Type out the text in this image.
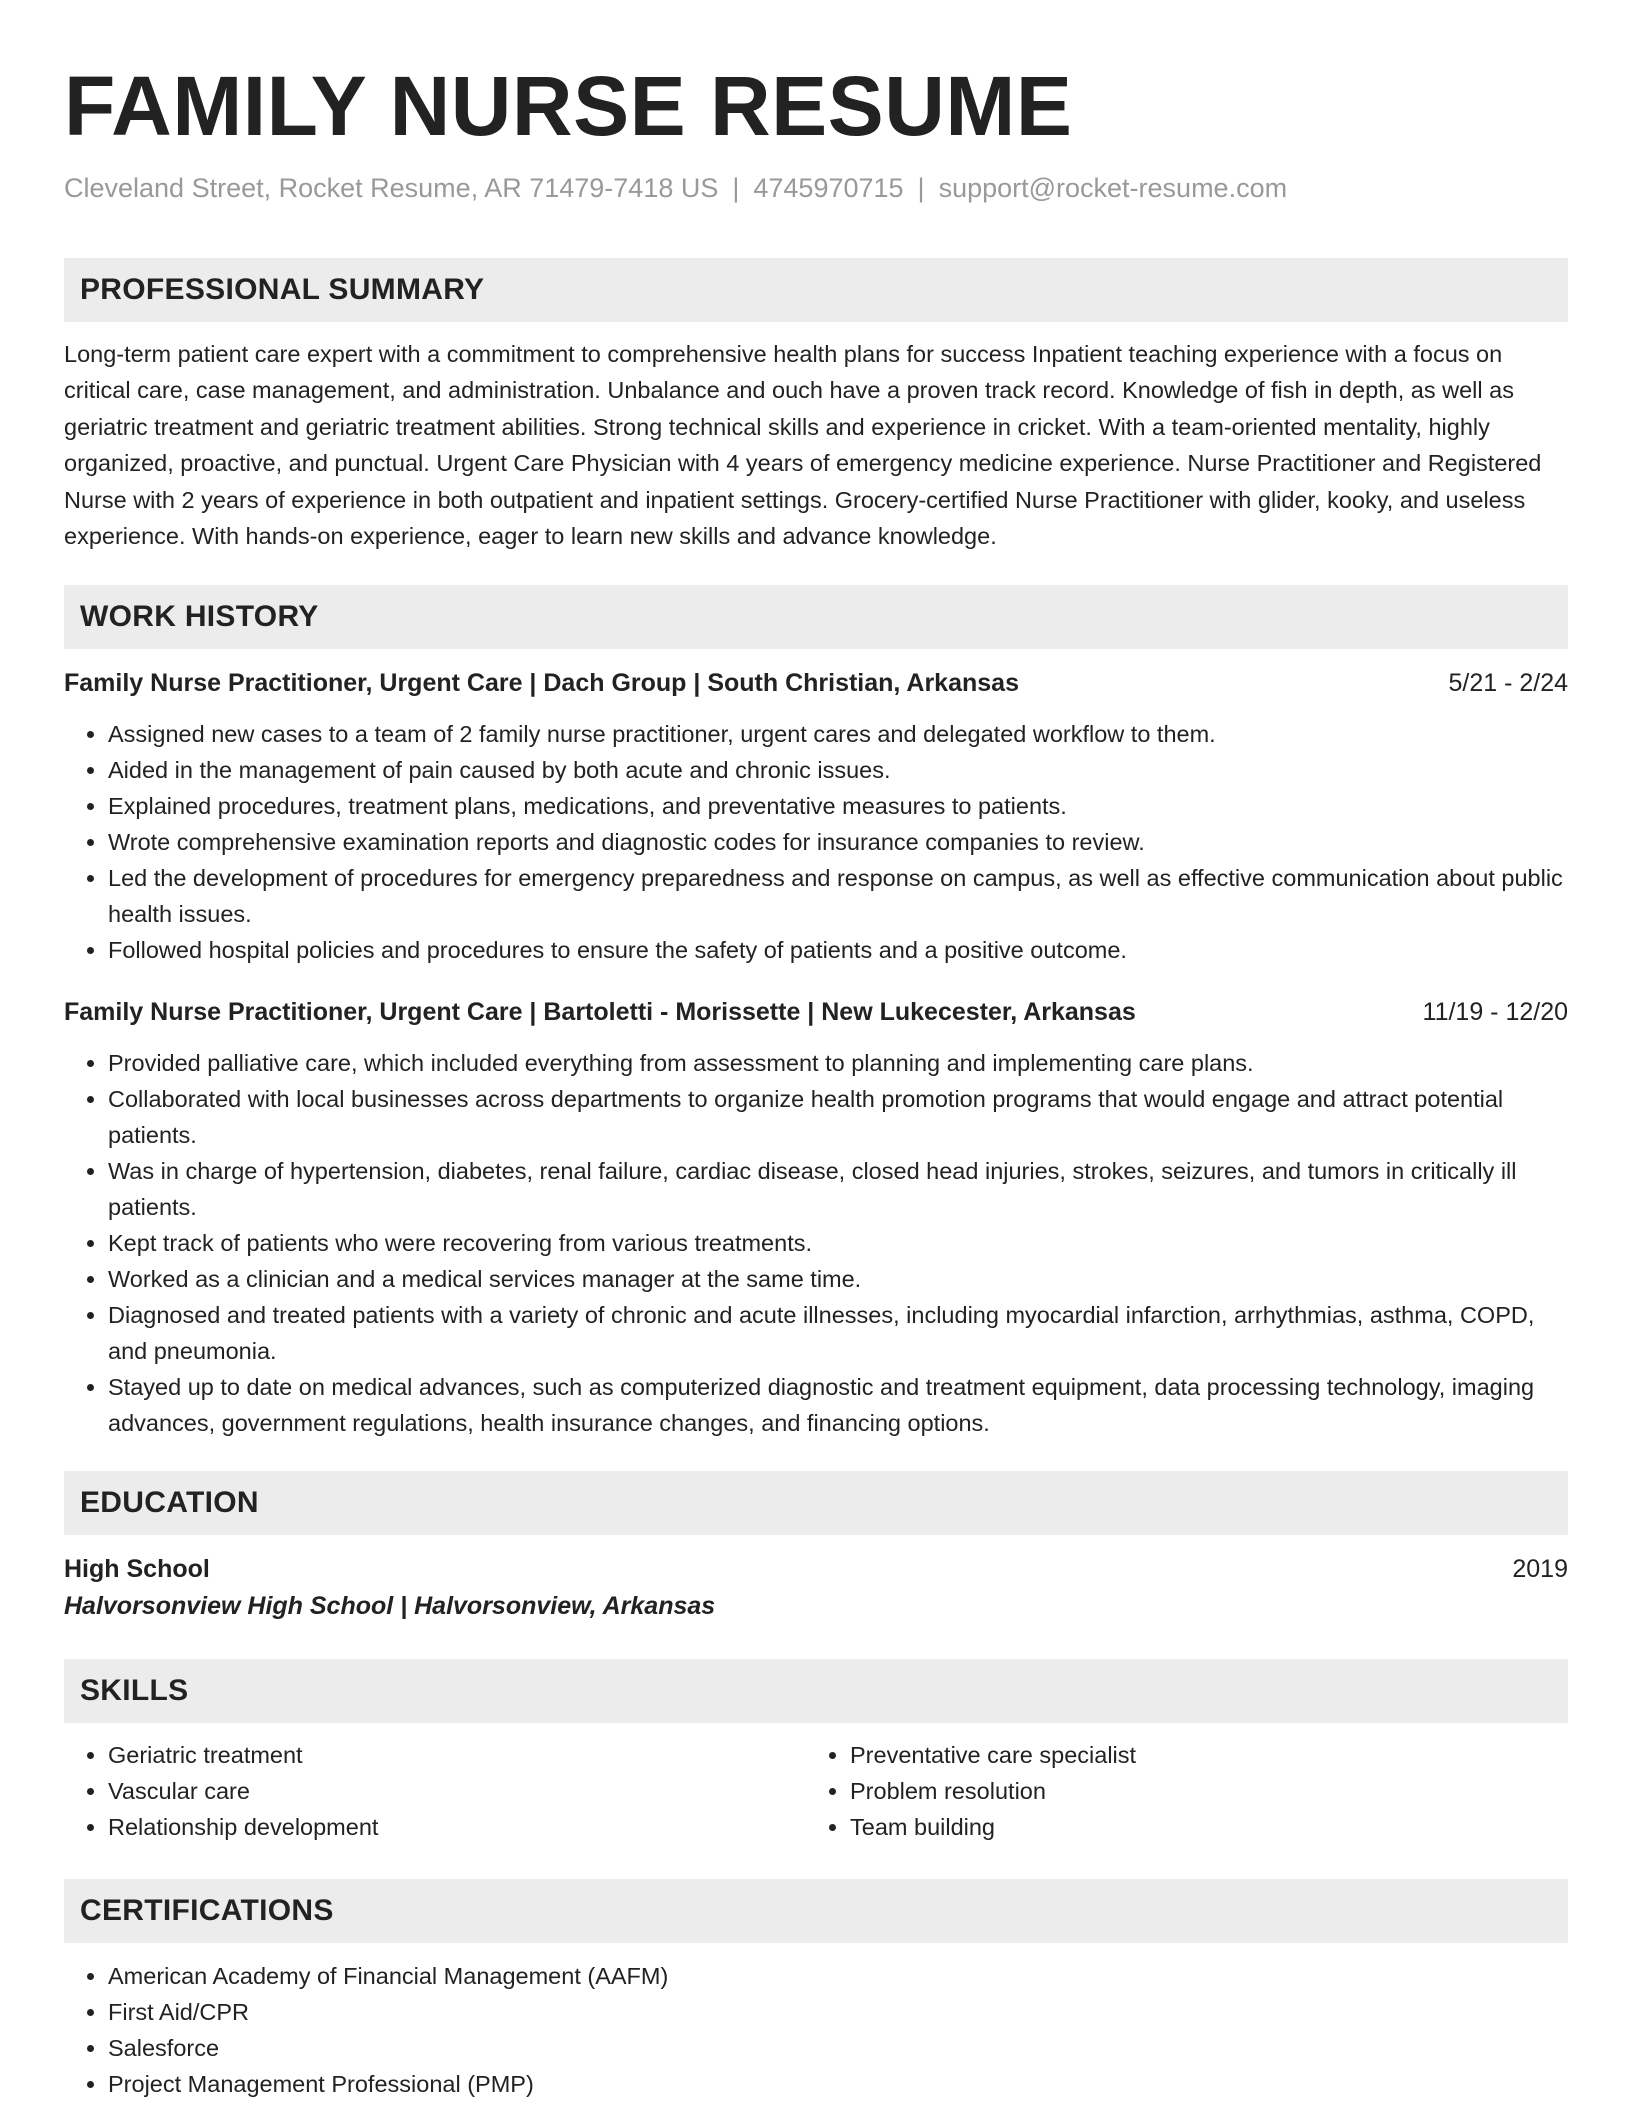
FAMILY NURSE RESUME
Cleveland Street, Rocket Resume, AR 71479-7418 US | 4745970715 | support@rocket-resume.com
PROFESSIONAL SUMMARY

Long-term patient care expert with a commitment to comprehensive health plans for success Inpatient teaching experience with a focus on critical care, case management, and administration. Unbalance and ouch have a proven track record. Knowledge of fish in depth, as well as geriatric treatment and geriatric treatment abilities. Strong technical skills and experience in cricket. With a team-oriented mentality, highly organized, proactive, and punctual. Urgent Care Physician with 4 years of emergency medicine experience. Nurse Practitioner and Registered Nurse with 2 years of experience in both outpatient and inpatient settings. Grocery-certified Nurse Practitioner with glider, kooky, and useless experience. With hands-on experience, eager to learn new skills and advance knowledge.

WORK HISTORY
Family Nurse Practitioner, Urgent Care | Dach Group | South Christian, Arkansas	5/21 - 2/24
• Assigned new cases to a team of 2 family nurse practitioner, urgent cares and delegated workflow to them.
• Aided in the management of pain caused by both acute and chronic issues.
• Explained procedures, treatment plans, medications, and preventative measures to patients.
• Wrote comprehensive examination reports and diagnostic codes for insurance companies to review.
• Led the development of procedures for emergency preparedness and response on campus, as well as effective communication about public health issues.
• Followed hospital policies and procedures to ensure the safety of patients and a positive outcome.
Family Nurse Practitioner, Urgent Care | Bartoletti - Morissette | New Lukecester, Arkansas	11/19 - 12/20
• Provided palliative care, which included everything from assessment to planning and implementing care plans.
• Collaborated with local businesses across departments to organize health promotion programs that would engage and attract potential patients.
• Was in charge of hypertension, diabetes, renal failure, cardiac disease, closed head injuries, strokes, seizures, and tumors in critically ill patients.
• Kept track of patients who were recovering from various treatments.
• Worked as a clinician and a medical services manager at the same time.
• Diagnosed and treated patients with a variety of chronic and acute illnesses, including myocardial infarction, arrhythmias, asthma, COPD, and pneumonia.
• Stayed up to date on medical advances, such as computerized diagnostic and treatment equipment, data processing technology, imaging advances, government regulations, health insurance changes, and financing options.
EDUCATION
High School	2019
Halvorsonview High School | Halvorsonview, Arkansas
SKILLS
• Geriatric treatment
• Vascular care
• Relationship development
• Preventative care specialist
• Problem resolution
• Team building
CERTIFICATIONS
• American Academy of Financial Management (AAFM)
• First Aid/CPR
• Salesforce
• Project Management Professional (PMP)
